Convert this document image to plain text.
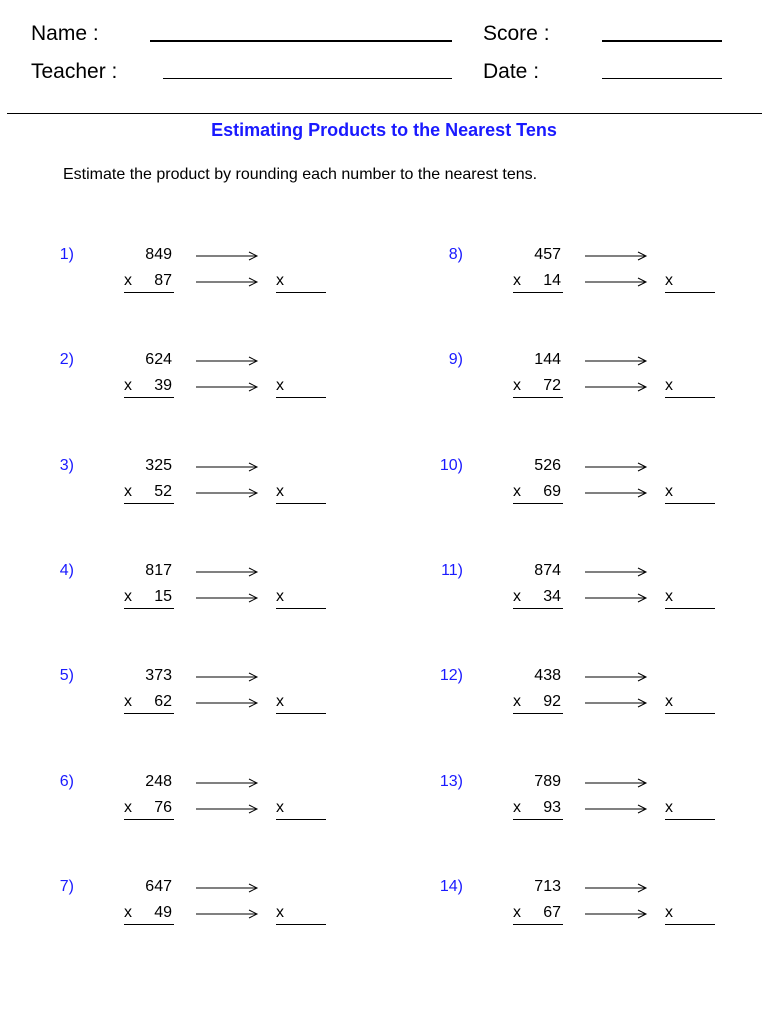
Name :
Teacher :
Score :
Date :
Estimating Products to the Nearest Tens
Estimate the product by rounding each number to the nearest tens.
1)	849
x	87	x
2)	624
x	39	x
3)	325
x	52	x
4)	817
x	15	x
5)	373
x	62	x
6)	248
x	76	x
7)	647
x	49	x
8)	457
x	14	x
9)	144
x	72	x
10)	526
x	69	x
11)	874
x	34	x
12)	438
x	92	x
13)	789
x	93	x
14)	713
x	67	x
